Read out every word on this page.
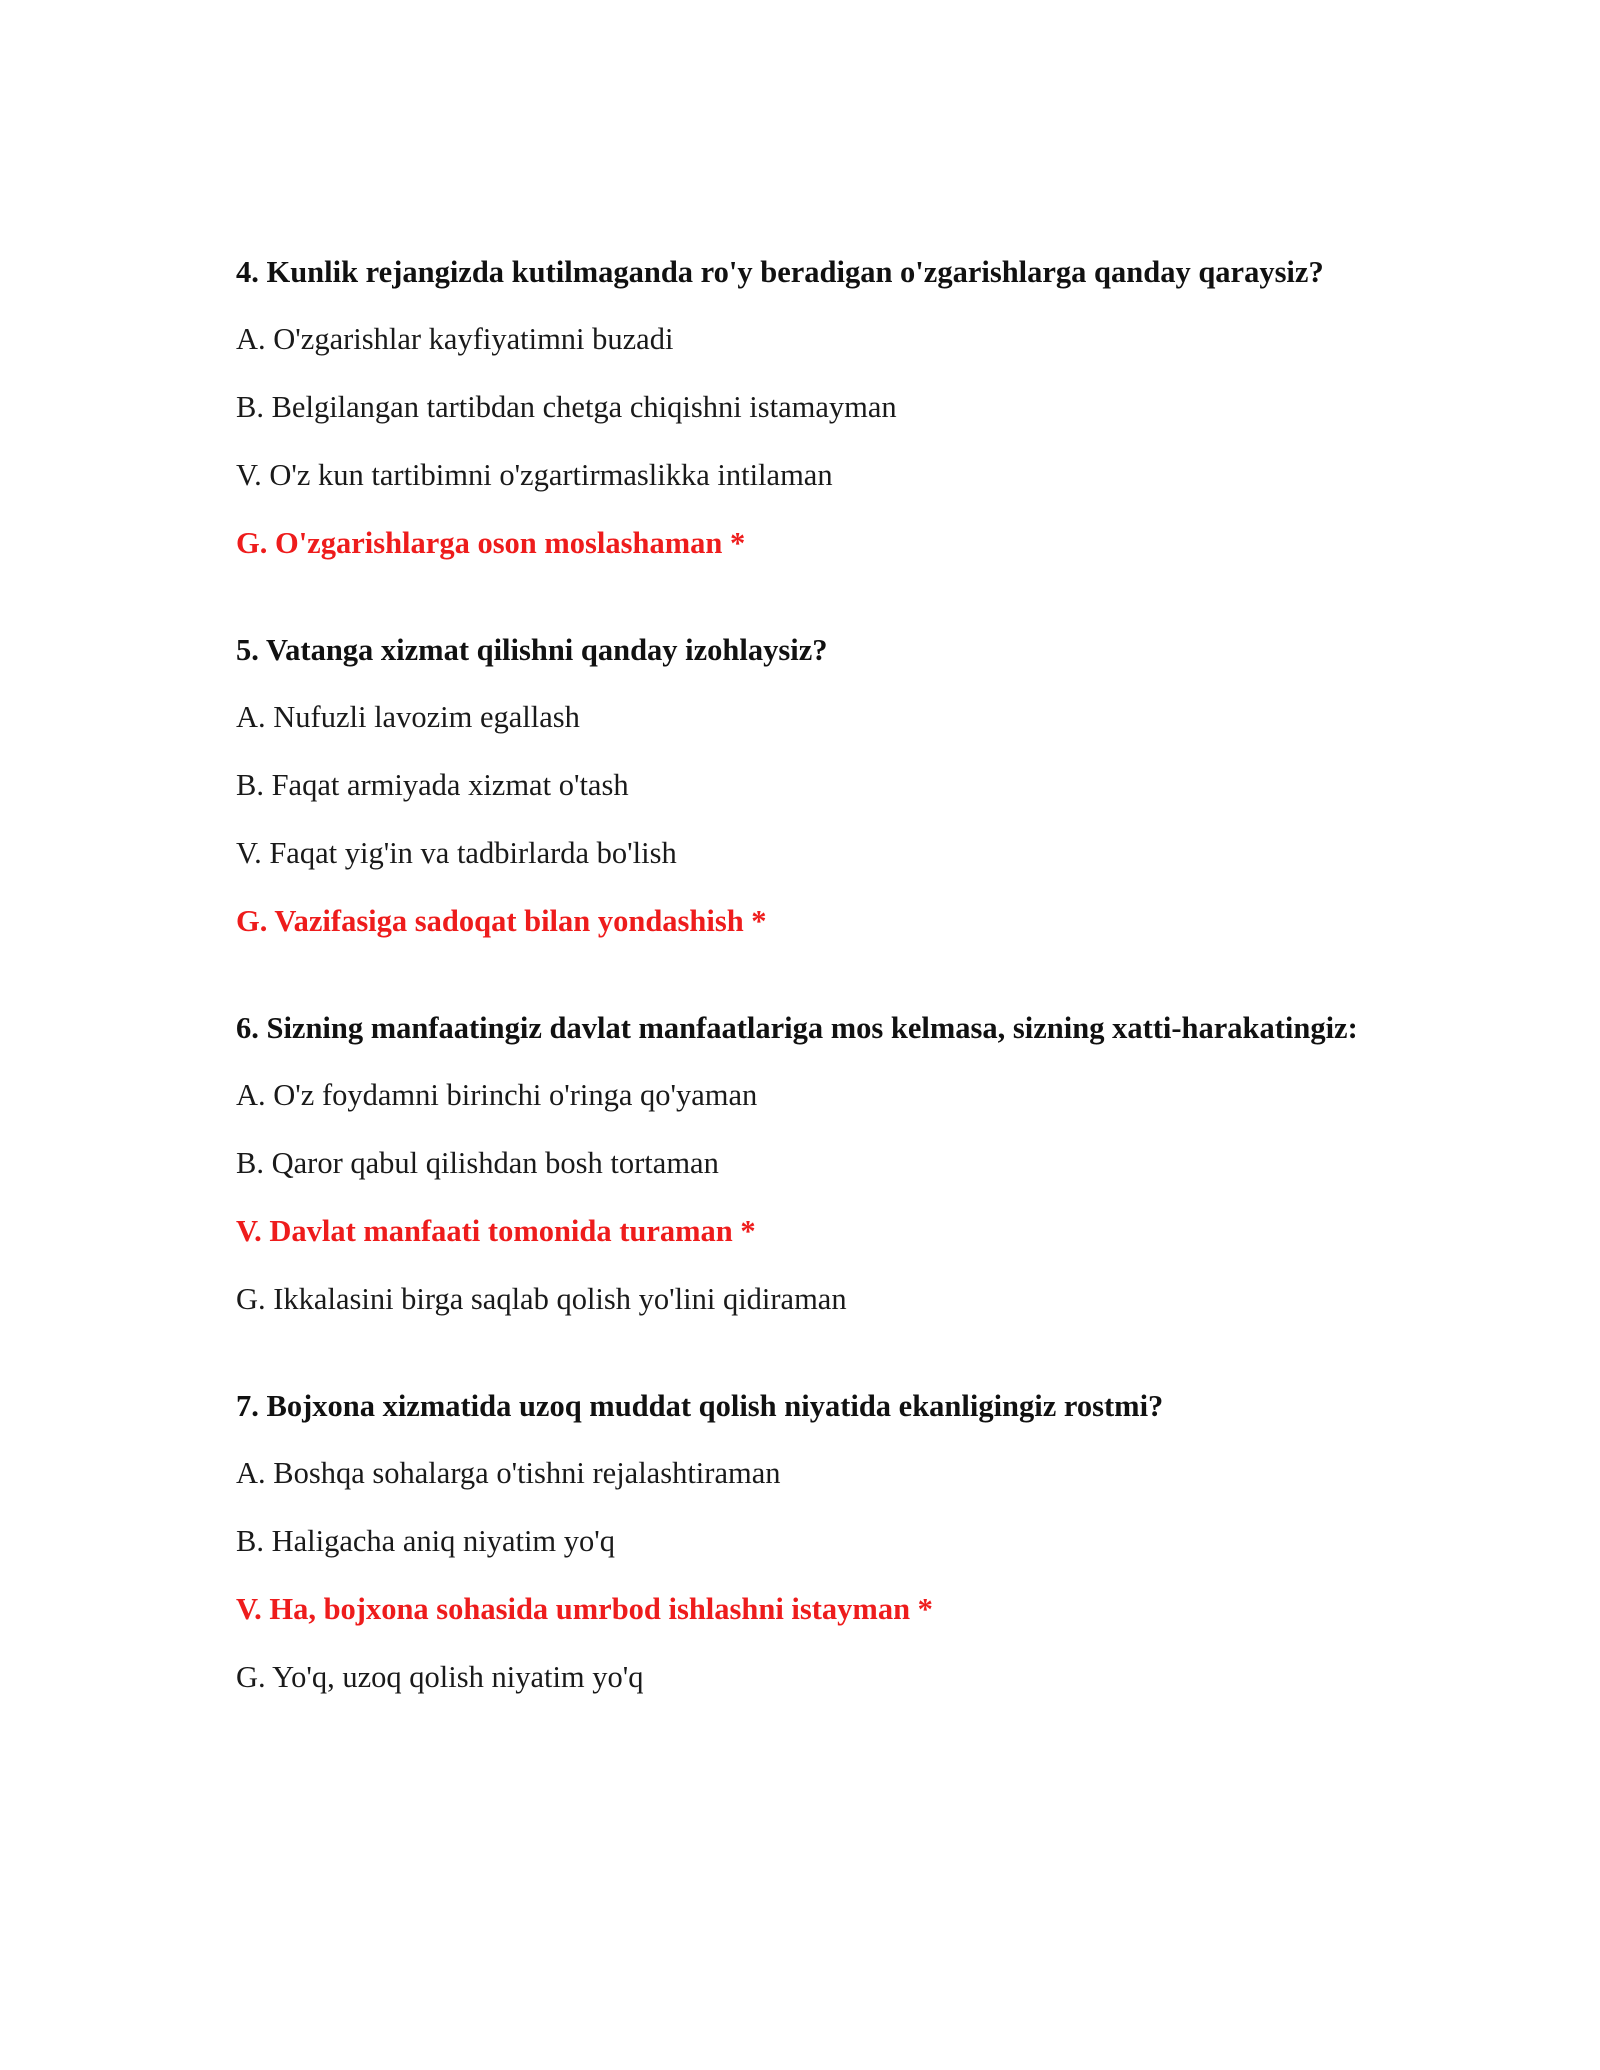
4. Kunlik rejangizda kutilmaganda ro'y beradigan o'zgarishlarga qanday qaraysiz?
A. O'zgarishlar kayfiyatimni buzadi
B. Belgilangan tartibdan chetga chiqishni istamayman
V. O'z kun tartibimni o'zgartirmaslikka intilaman
G. O'zgarishlarga oson moslashaman *
5. Vatanga xizmat qilishni qanday izohlaysiz?
A. Nufuzli lavozim egallash
B. Faqat armiyada xizmat o'tash
V. Faqat yig'in va tadbirlarda bo'lish
G. Vazifasiga sadoqat bilan yondashish *
6. Sizning manfaatingiz davlat manfaatlariga mos kelmasa, sizning xatti-harakatingiz:
A. O'z foydamni birinchi o'ringa qo'yaman
B. Qaror qabul qilishdan bosh tortaman
V. Davlat manfaati tomonida turaman *
G. Ikkalasini birga saqlab qolish yo'lini qidiraman
7. Bojxona xizmatida uzoq muddat qolish niyatida ekanligingiz rostmi?
A. Boshqa sohalarga o'tishni rejalashtiraman
B. Haligacha aniq niyatim yo'q
V. Ha, bojxona sohasida umrbod ishlashni istayman *
G. Yo'q, uzoq qolish niyatim yo'q
